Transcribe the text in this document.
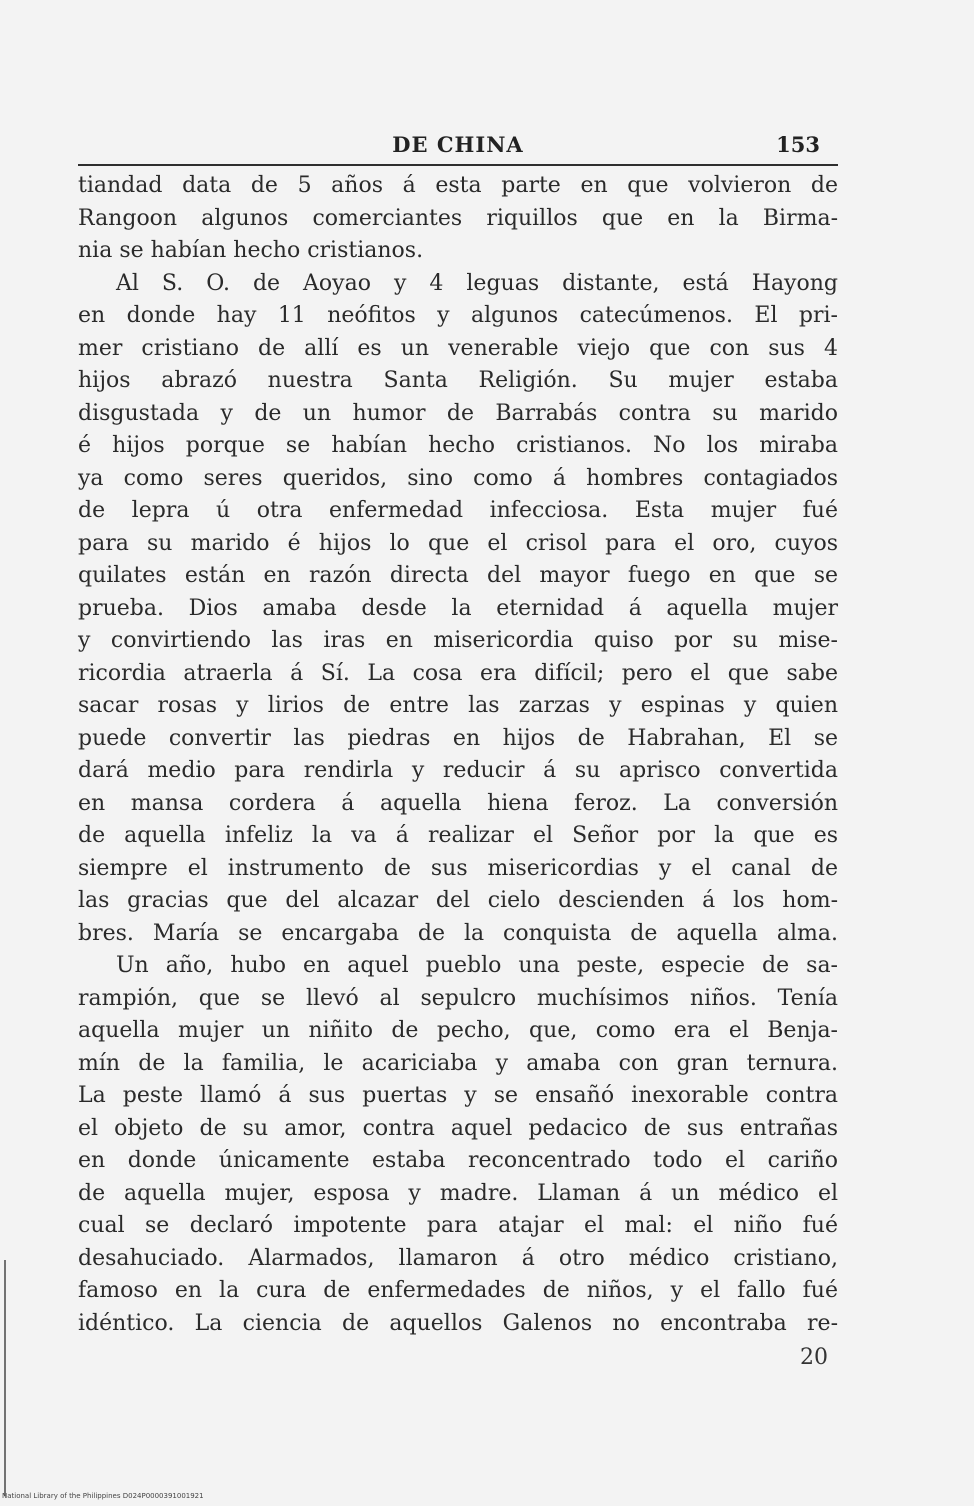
DE CHINA	153
tiandad data de 5 años á esta parte en que volvieron de
Rangoon algunos comerciantes riquillos que en la Birma-
nia se habían hecho cristianos.
Al S. O. de Aoyao y 4 leguas distante, está Hayong
en donde hay 11 neófitos y algunos catecúmenos. El pri-
mer cristiano de allí es un venerable viejo que con sus 4
hijos abrazó nuestra Santa Religión. Su mujer estaba
disgustada y de un humor de Barrabás contra su marido
é hijos porque se habían hecho cristianos. No los miraba
ya como seres queridos, sino como á hombres contagiados
de lepra ú otra enfermedad infecciosa. Esta mujer fué
para su marido é hijos lo que el crisol para el oro, cuyos
quilates están en razón directa del mayor fuego en que se
prueba. Dios amaba desde la eternidad á aquella mujer
y convirtiendo las iras en misericordia quiso por su mise-
ricordia atraerla á Sí. La cosa era difícil; pero el que sabe
sacar rosas y lirios de entre las zarzas y espinas y quien
puede convertir las piedras en hijos de Habrahan, El se
dará medio para rendirla y reducir á su aprisco convertida
en mansa cordera á aquella hiena feroz. La conversión
de aquella infeliz la va á realizar el Señor por la que es
siempre el instrumento de sus misericordias y el canal de
las gracias que del alcazar del cielo descienden á los hom-
bres. María se encargaba de la conquista de aquella alma.
Un año, hubo en aquel pueblo una peste, especie de sa-
rampión, que se llevó al sepulcro muchísimos niños. Tenía
aquella mujer un niñito de pecho, que, como era el Benja-
mín de la familia, le acariciaba y amaba con gran ternura.
La peste llamó á sus puertas y se ensañó inexorable contra
el objeto de su amor, contra aquel pedacico de sus entrañas
en donde únicamente estaba reconcentrado todo el cariño
de aquella mujer, esposa y madre. Llaman á un médico el
cual se declaró impotente para atajar el mal: el niño fué
desahuciado. Alarmados, llamaron á otro médico cristiano,
famoso en la cura de enfermedades de niños, y el fallo fué
idéntico. La ciencia de aquellos Galenos no encontraba re-
20
National Library of the Philippines D024P0000391001921
